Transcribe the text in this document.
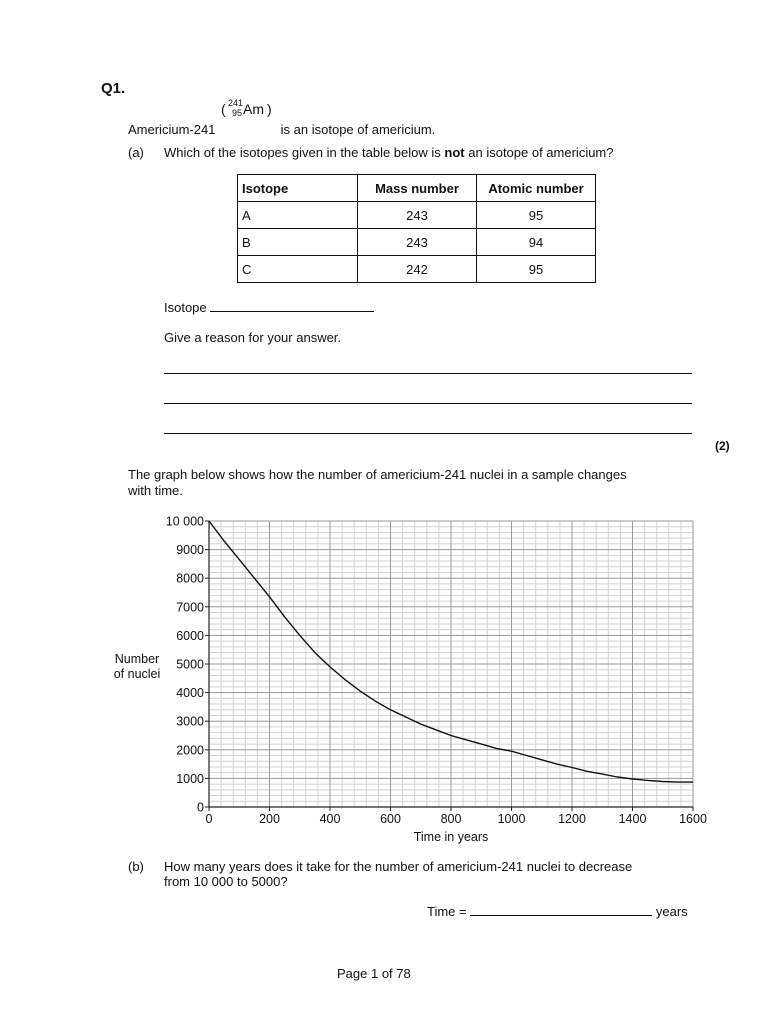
Q1.
Americium-241
( 241
95 Am )
is an isotope of americium.
(a) Which of the isotopes given in the table below is not an isotope of americium?
Isotope	Mass number	Atomic number
A	243	95
B	243	94
C	242	95
Isotope
Give a reason for your answer.
(2)
The graph below shows how the number of americium-241 nuclei in a sample changes
with time.
0	200	400	600	800	1000	1200	1400	1600
0
1000
2000
3000
4000
5000
6000
7000
8000
9000
10 000
Time in years
Number
of nuclei
(b) How many years does it take for the number of americium-241 nuclei to decrease
from 10 000 to 5000?
Time =	years
Page 1 of 78
